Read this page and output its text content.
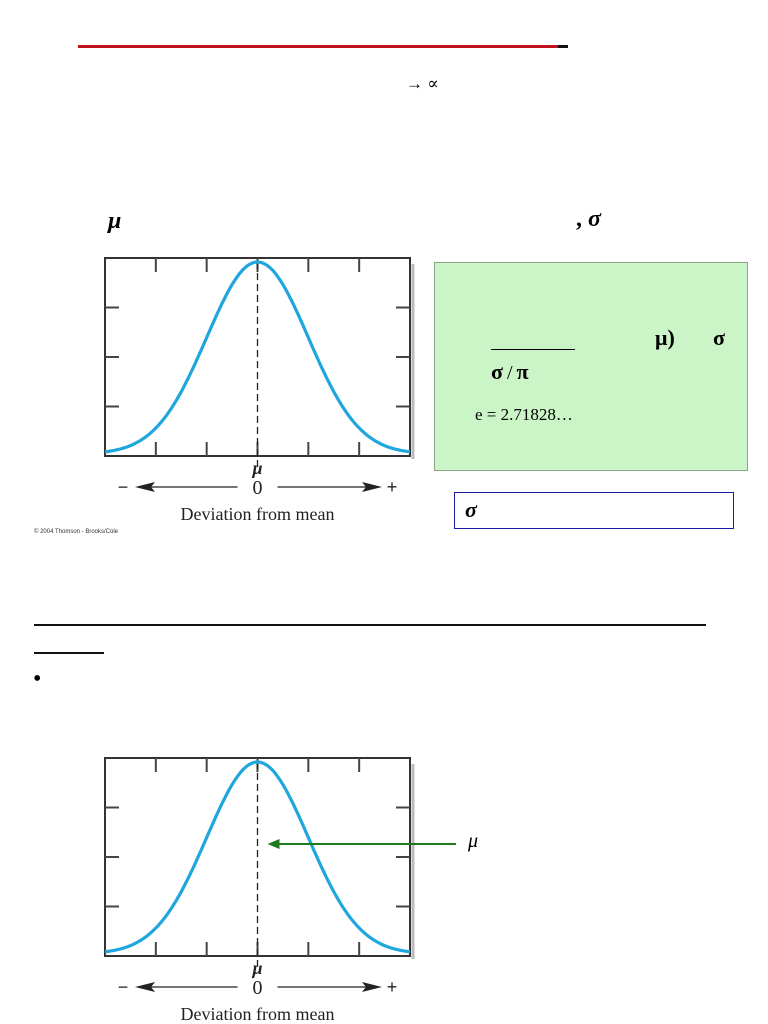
→ ∝
μ	, σ
μ
0
−	+
Deviation from mean
© 2004 Thomson - Brooks/Cole
μ) σ
σ / π
e = 2.71828…
σ
•
μ
0
−	+
Deviation from mean
μ
